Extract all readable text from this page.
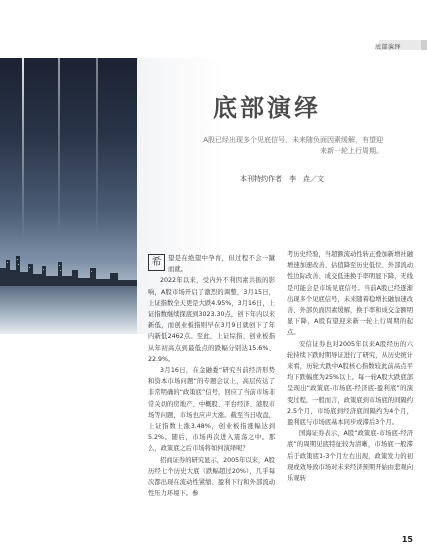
底部演绎
底部演绎
A股已经出现多个见底信号，未来随负面因素缓解，有望迎来新一轮上行周期。
本刊特约作者　李　垚／文
希	望是在绝望中孕育，但过程不会一蹴而就。

2022年以来，受内外不利因素共振的影响，A股市场开启了激烈的调整，3月15日，上证指数全天更是大跌4.95%，3月16日，上证指数继续探底到3023.30点，创下年内以来新低，而创业板指则早在3月9日就创下了年内新低2462点。至此，上证综指、创业板指从年初高点到最低点的跌幅分别达15.6%、22.9%。

3月16日，在金融委“研究当前经济形势和资本市场问题”的专题会议上，高层传达了非常明确的“政策底”信号，回应了当前市场非常关切的房地产、中概股、平台经济、港股市场等问题，市场也应声大涨。截至当日收盘，上证指数上涨3.48%，创业板指涨幅达到5.2%。随后，市场再次进入震荡之中。那么，政策底之后市场将如何演绎呢？

招商证券的研究显示，2005年以来，A股历经七个历史大底（跌幅超过20%），几乎每次都出现在流动性紧缩、盈利下行和外部流动性压力环境下。参

考历史经验，当超额流动性转正叠加新增社融增速加速改善、估值降至历史低位、外部流动性边际改善、成交低迷换手率明显下降，无线是可能会是市场见底信号。当前A股已经逐渐出现多个见底信号，未来随着稳增长融加速改善、外部负面因素缓解，换手率和成交金额明显下降，A股有望迎来新一轮上行周期的起点。

安信证券也对2005年以来A股经历的六轮持续下跌时期导证进行了研究，从历史统计来看，历轮大跌中A股核心指数较此前高点平均下跌幅度为25%以上。每一轮A股大跌底部呈现出“政策底-市场底-经济底-盈利底”的演变过程，一般而言，政策底到市场底的间隔约2.5个月，市场底到经济底间隔约为4个月，盈利底与市场底基本同步或滞后3个月。

国海证券表示，A股“政策底-市场底-经济底”的周期见底特征较为清晰，市场底一般滞后于政策底1-3个月左右出现，政策发力的初现或效导致市场对未来经济预期开始由悲观向乐观转

15
